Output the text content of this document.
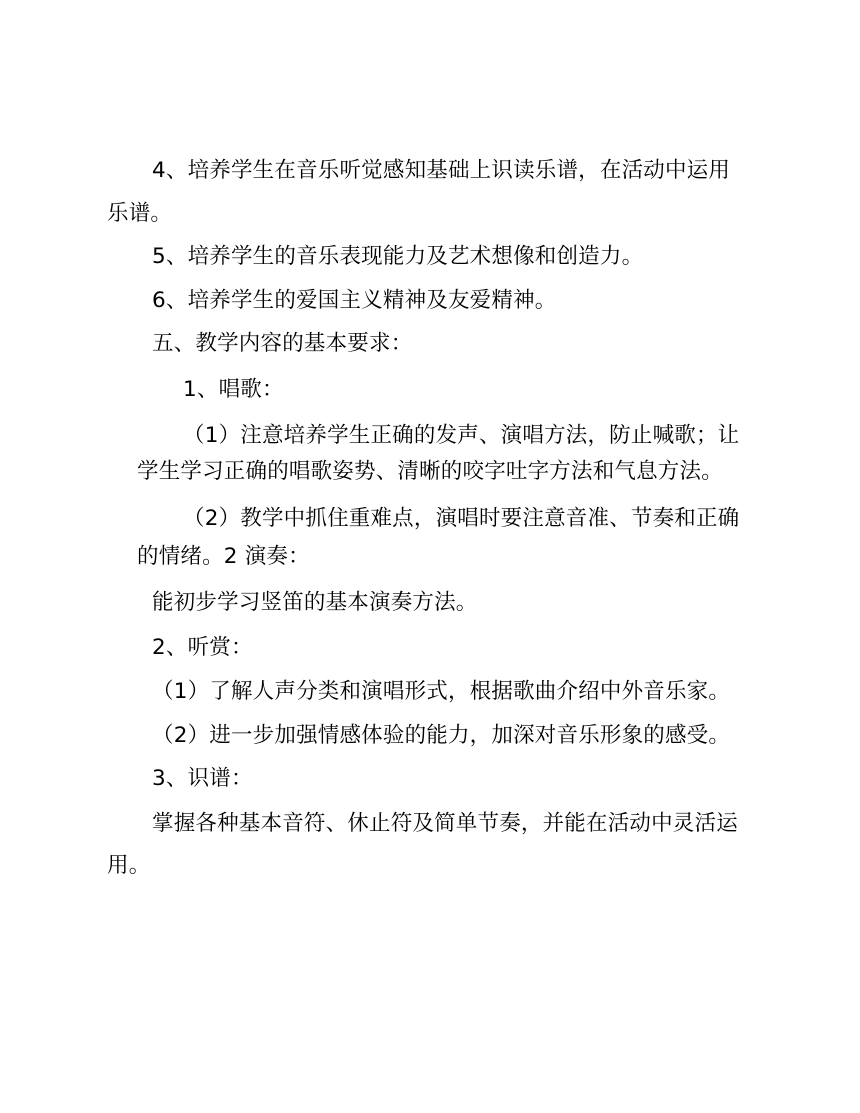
4、培养学生在音乐听觉感知基础上识读乐谱，在活动中运用
乐谱。
5、培养学生的音乐表现能力及艺术想像和创造力。
6、培养学生的爱国主义精神及友爱精神。
五、教学内容的基本要求：
1、唱歌：
（1）注意培养学生正确的发声、演唱方法，防止喊歌；让
学生学习正确的唱歌姿势、清晰的咬字吐字方法和气息方法。
（2）教学中抓住重难点，演唱时要注意音准、节奏和正确
的情绪。2 演奏：
能初步学习竖笛的基本演奏方法。
2、听赏：
（1）了解人声分类和演唱形式，根据歌曲介绍中外音乐家。
（2）进一步加强情感体验的能力，加深对音乐形象的感受。
3、识谱：
掌握各种基本音符、休止符及简单节奏，并能在活动中灵活运
用。
